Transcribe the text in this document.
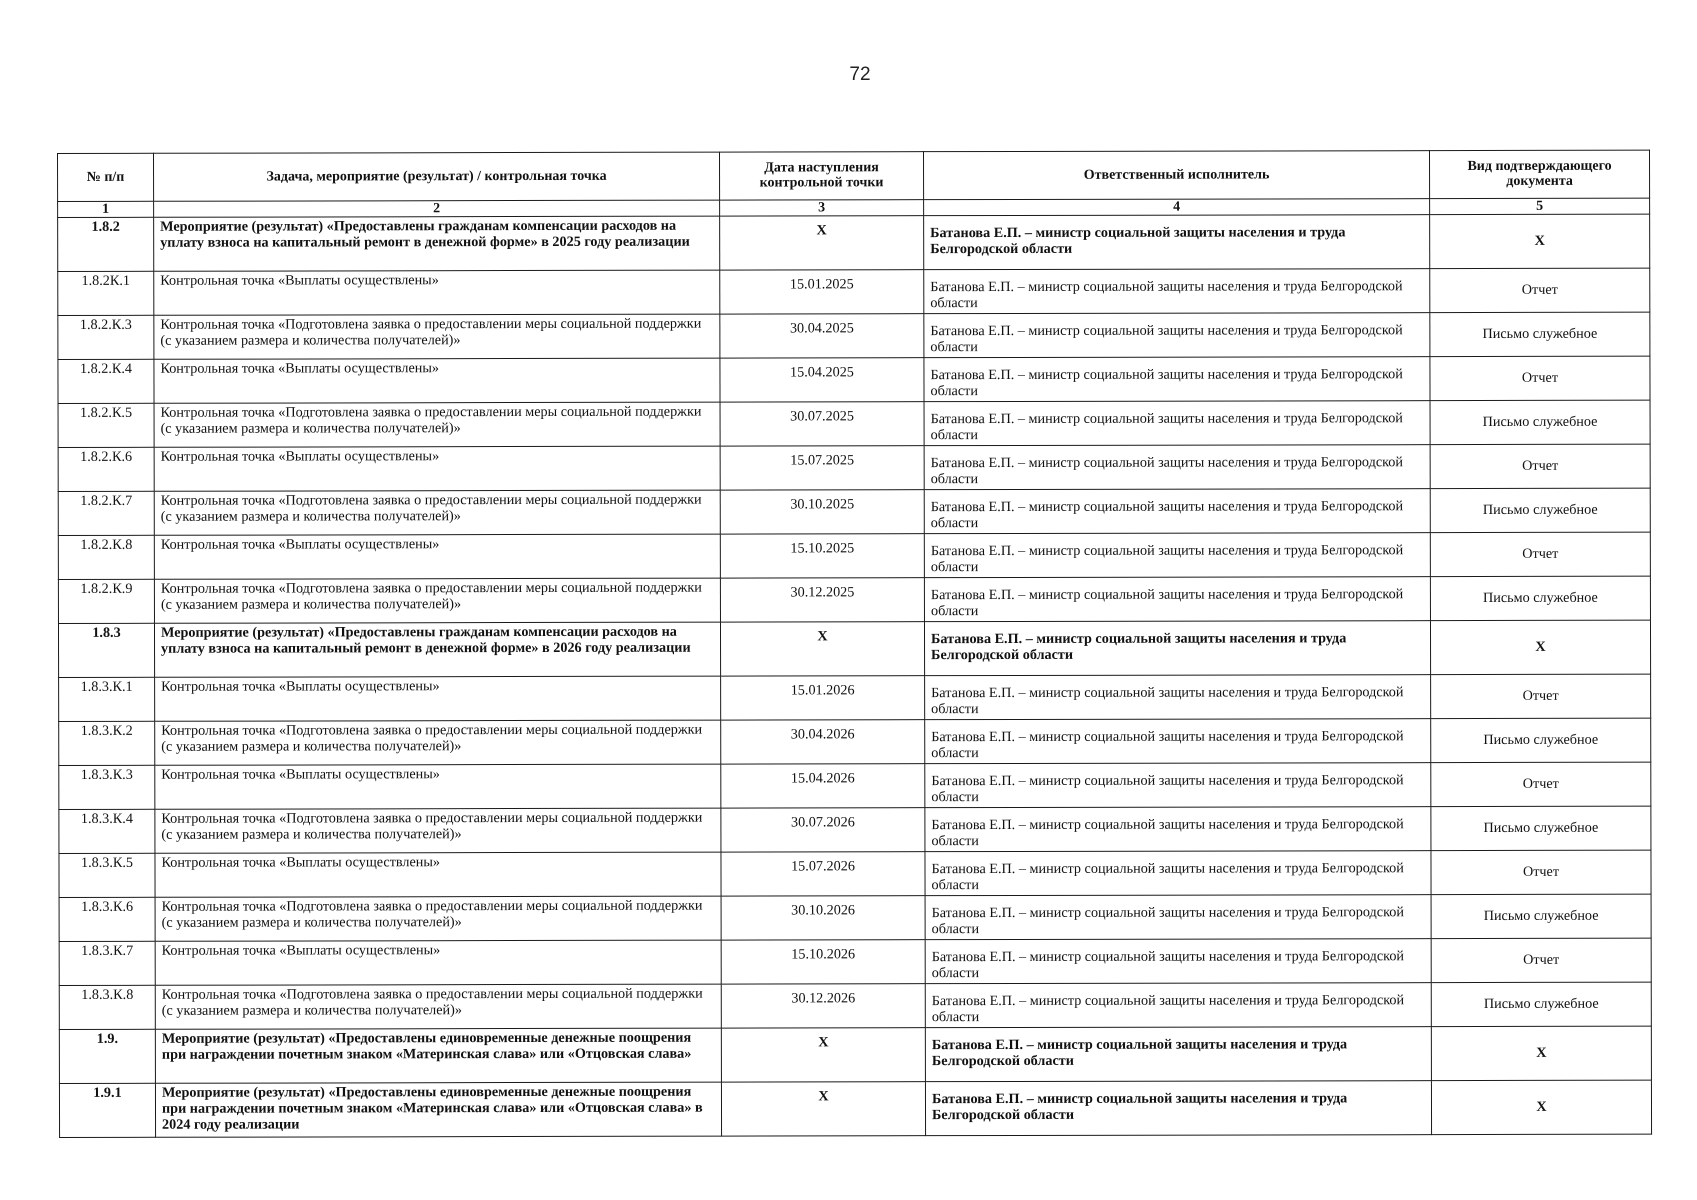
72
№ п/п	Задача, мероприятие (результат) / контрольная точка	Дата наступления контрольной точки	Ответственный исполнитель	Вид подтверждающего документа
1	2	3	4	5
1.8.2	Мероприятие (результат) «Предоставлены гражданам компенсации расходов на уплату взноса на капитальный ремонт в денежной форме» в 2025 году реализации	X	Батанова Е.П. – министр социальной защиты населения и труда Белгородской области	X
1.8.2К.1	Контрольная точка «Выплаты осуществлены»	15.01.2025	Батанова Е.П. – министр социальной защиты населения и труда Белгородской области	Отчет
1.8.2.К.3	Контрольная точка «Подготовлена заявка о предоставлении меры социальной поддержки (с указанием размера и количества получателей)»	30.04.2025	Батанова Е.П. – министр социальной защиты населения и труда Белгородской области	Письмо служебное
1.8.2.К.4	Контрольная точка «Выплаты осуществлены»	15.04.2025	Батанова Е.П. – министр социальной защиты населения и труда Белгородской области	Отчет
1.8.2.К.5	Контрольная точка «Подготовлена заявка о предоставлении меры социальной поддержки (с указанием размера и количества получателей)»	30.07.2025	Батанова Е.П. – министр социальной защиты населения и труда Белгородской области	Письмо служебное
1.8.2.К.6	Контрольная точка «Выплаты осуществлены»	15.07.2025	Батанова Е.П. – министр социальной защиты населения и труда Белгородской области	Отчет
1.8.2.К.7	Контрольная точка «Подготовлена заявка о предоставлении меры социальной поддержки (с указанием размера и количества получателей)»	30.10.2025	Батанова Е.П. – министр социальной защиты населения и труда Белгородской области	Письмо служебное
1.8.2.К.8	Контрольная точка «Выплаты осуществлены»	15.10.2025	Батанова Е.П. – министр социальной защиты населения и труда Белгородской области	Отчет
1.8.2.К.9	Контрольная точка «Подготовлена заявка о предоставлении меры социальной поддержки (с указанием размера и количества получателей)»	30.12.2025	Батанова Е.П. – министр социальной защиты населения и труда Белгородской области	Письмо служебное
1.8.3	Мероприятие (результат) «Предоставлены гражданам компенсации расходов на уплату взноса на капитальный ремонт в денежной форме» в 2026 году реализации	X	Батанова Е.П. – министр социальной защиты населения и труда Белгородской области	X
1.8.3.К.1	Контрольная точка «Выплаты осуществлены»	15.01.2026	Батанова Е.П. – министр социальной защиты населения и труда Белгородской области	Отчет
1.8.3.К.2	Контрольная точка «Подготовлена заявка о предоставлении меры социальной поддержки (с указанием размера и количества получателей)»	30.04.2026	Батанова Е.П. – министр социальной защиты населения и труда Белгородской области	Письмо служебное
1.8.3.К.3	Контрольная точка «Выплаты осуществлены»	15.04.2026	Батанова Е.П. – министр социальной защиты населения и труда Белгородской области	Отчет
1.8.3.К.4	Контрольная точка «Подготовлена заявка о предоставлении меры социальной поддержки (с указанием размера и количества получателей)»	30.07.2026	Батанова Е.П. – министр социальной защиты населения и труда Белгородской области	Письмо служебное
1.8.3.К.5	Контрольная точка «Выплаты осуществлены»	15.07.2026	Батанова Е.П. – министр социальной защиты населения и труда Белгородской области	Отчет
1.8.3.К.6	Контрольная точка «Подготовлена заявка о предоставлении меры социальной поддержки (с указанием размера и количества получателей)»	30.10.2026	Батанова Е.П. – министр социальной защиты населения и труда Белгородской области	Письмо служебное
1.8.3.К.7	Контрольная точка «Выплаты осуществлены»	15.10.2026	Батанова Е.П. – министр социальной защиты населения и труда Белгородской области	Отчет
1.8.3.К.8	Контрольная точка «Подготовлена заявка о предоставлении меры социальной поддержки (с указанием размера и количества получателей)»	30.12.2026	Батанова Е.П. – министр социальной защиты населения и труда Белгородской области	Письмо служебное
1.9.	Мероприятие (результат) «Предоставлены единовременные денежные поощрения при награждении почетным знаком «Материнская слава» или «Отцовская слава»	X	Батанова Е.П. – министр социальной защиты населения и труда Белгородской области	X
1.9.1	Мероприятие (результат) «Предоставлены единовременные денежные поощрения при награждении почетным знаком «Материнская слава» или «Отцовская слава» в 2024 году реализации	X	Батанова Е.П. – министр социальной защиты населения и труда Белгородской области	X
